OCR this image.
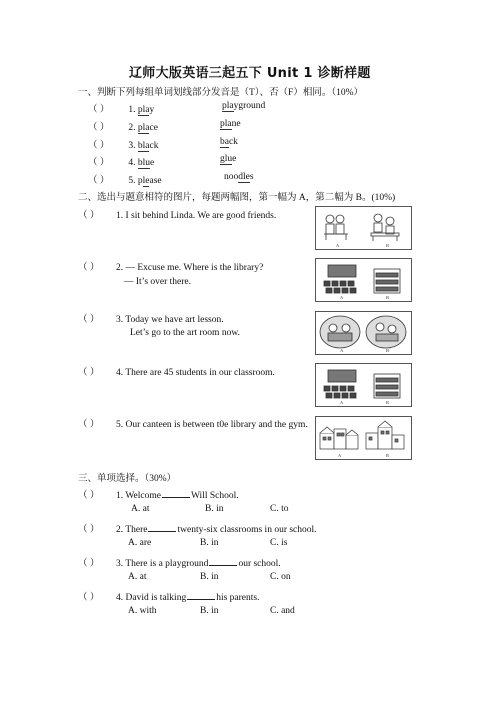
辽师大版英语三起五下 Unit 1 诊断样题
一、判断下列每组单词划线部分发音是（T）、否（F）相同。（10%）
（ ） 1. play	playground
（ ） 2. place	plane
（ ） 3. black	back
（ ） 4. blue	glue
（ ） 5. please	noodles
二、选出与题意相符的图片，每题两幅图，第一幅为 A，第二幅为 B。(10%)
（ ） 1. I sit behind Linda. We are good friends.
（ ） 2. — Excuse me. Where is the library?
— It’s over there.
（ ） 3. Today we have art lesson.
Let’s go to the art room now.
（ ） 4. There are 45 students in our classroom.
（ ） 5. Our canteen is between t0e library and the gym.
A	B
A	B
A	B
A	B
A	B
三、单项选择。（30%）
（ ） 1. Welcome	Will School.
A. at	B. in	C. to
（ ） 2. There	twenty-six classrooms in our school.
A. are	B. in	C. is
（ ） 3. There is a playground	our school.
A. at	B. in	C. on
（ ） 4. David is talking	his parents.
A. with	B. in	C. and
